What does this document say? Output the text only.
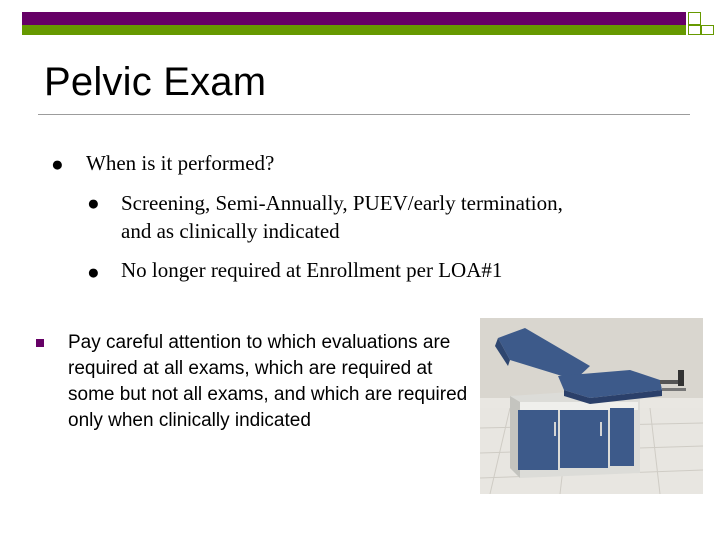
Pelvic Exam
● When is it performed?
● Screening, Semi-Annually, PUEV/early termination, and as clinically indicated
● No longer required at Enrollment per LOA#1
Pay careful attention to which evaluations are required at all exams, which are required at some but not all exams, and which are required only when clinically indicated
